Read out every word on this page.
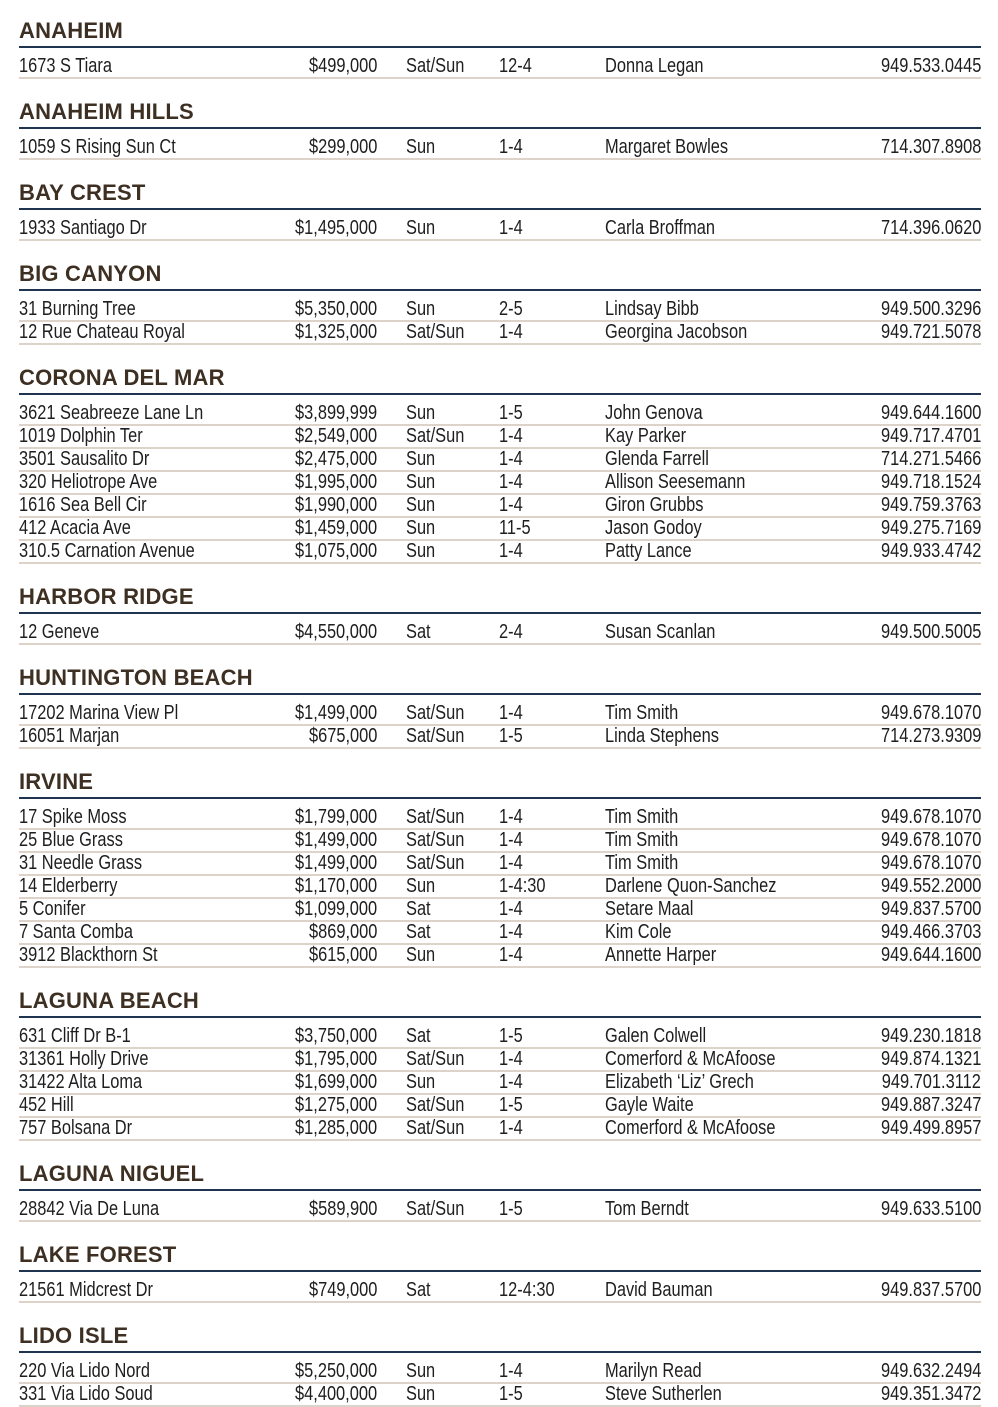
ANAHEIM
1673 S Tiara	$499,000	Sat/Sun	12-4	Donna Legan	949.533.0445
ANAHEIM HILLS
1059 S Rising Sun Ct	$299,000	Sun	1-4	Margaret Bowles	714.307.8908
BAY CREST
1933 Santiago Dr	$1,495,000	Sun	1-4	Carla Broffman	714.396.0620
BIG CANYON
31 Burning Tree	$5,350,000	Sun	2-5	Lindsay Bibb	949.500.3296
12 Rue Chateau Royal	$1,325,000	Sat/Sun	1-4	Georgina Jacobson	949.721.5078
CORONA DEL MAR
3621 Seabreeze Lane Ln	$3,899,999	Sun	1-5	John Genova	949.644.1600
1019 Dolphin Ter	$2,549,000	Sat/Sun	1-4	Kay Parker	949.717.4701
3501 Sausalito Dr	$2,475,000	Sun	1-4	Glenda Farrell	714.271.5466
320 Heliotrope Ave	$1,995,000	Sun	1-4	Allison Seesemann	949.718.1524
1616 Sea Bell Cir	$1,990,000	Sun	1-4	Giron Grubbs	949.759.3763
412 Acacia Ave	$1,459,000	Sun	11-5	Jason Godoy	949.275.7169
310.5 Carnation Avenue	$1,075,000	Sun	1-4	Patty Lance	949.933.4742
HARBOR RIDGE
12 Geneve	$4,550,000	Sat	2-4	Susan Scanlan	949.500.5005
HUNTINGTON BEACH
17202 Marina View Pl	$1,499,000	Sat/Sun	1-4	Tim Smith	949.678.1070
16051 Marjan	$675,000	Sat/Sun	1-5	Linda Stephens	714.273.9309
IRVINE
17 Spike Moss	$1,799,000	Sat/Sun	1-4	Tim Smith	949.678.1070
25 Blue Grass	$1,499,000	Sat/Sun	1-4	Tim Smith	949.678.1070
31 Needle Grass	$1,499,000	Sat/Sun	1-4	Tim Smith	949.678.1070
14 Elderberry	$1,170,000	Sun	1-4:30	Darlene Quon-Sanchez	949.552.2000
5 Conifer	$1,099,000	Sat	1-4	Setare Maal	949.837.5700
7 Santa Comba	$869,000	Sat	1-4	Kim Cole	949.466.3703
3912 Blackthorn St	$615,000	Sun	1-4	Annette Harper	949.644.1600
LAGUNA BEACH
631 Cliff Dr B-1	$3,750,000	Sat	1-5	Galen Colwell	949.230.1818
31361 Holly Drive	$1,795,000	Sat/Sun	1-4	Comerford & McAfoose	949.874.1321
31422 Alta Loma	$1,699,000	Sun	1-4	Elizabeth ‘Liz’ Grech	949.701.3112
452 Hill	$1,275,000	Sat/Sun	1-5	Gayle Waite	949.887.3247
757 Bolsana Dr	$1,285,000	Sat/Sun	1-4	Comerford & McAfoose	949.499.8957
LAGUNA NIGUEL
28842 Via De Luna	$589,900	Sat/Sun	1-5	Tom Berndt	949.633.5100
LAKE FOREST
21561 Midcrest Dr	$749,000	Sat	12-4:30	David Bauman	949.837.5700
LIDO ISLE
220 Via Lido Nord	$5,250,000	Sun	1-4	Marilyn Read	949.632.2494
331 Via Lido Soud	$4,400,000	Sun	1-5	Steve Sutherlen	949.351.3472
